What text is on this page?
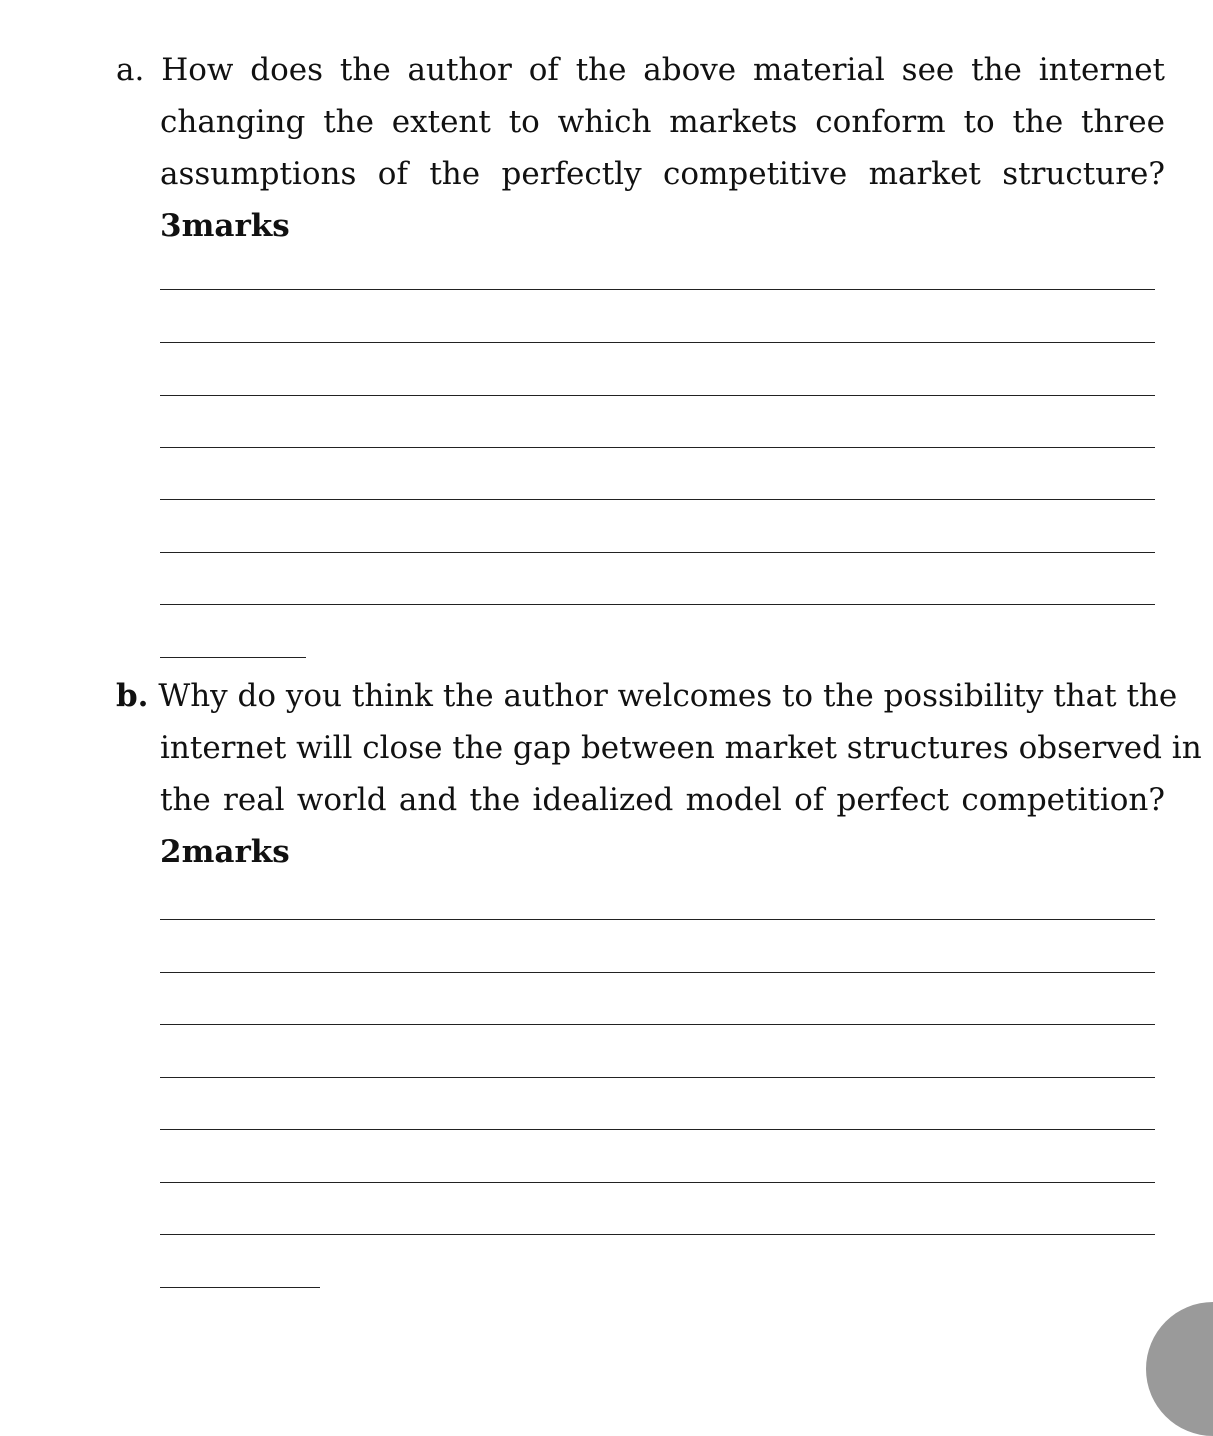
a. How does the author of the above material see the internet
changing the extent to which markets conform to the three
assumptions of the perfectly competitive market structure?
3marks
b. Why do you think the author welcomes to the possibility that the
internet will close the gap between market structures observed in
the real world and the idealized model of perfect competition?
2marks
